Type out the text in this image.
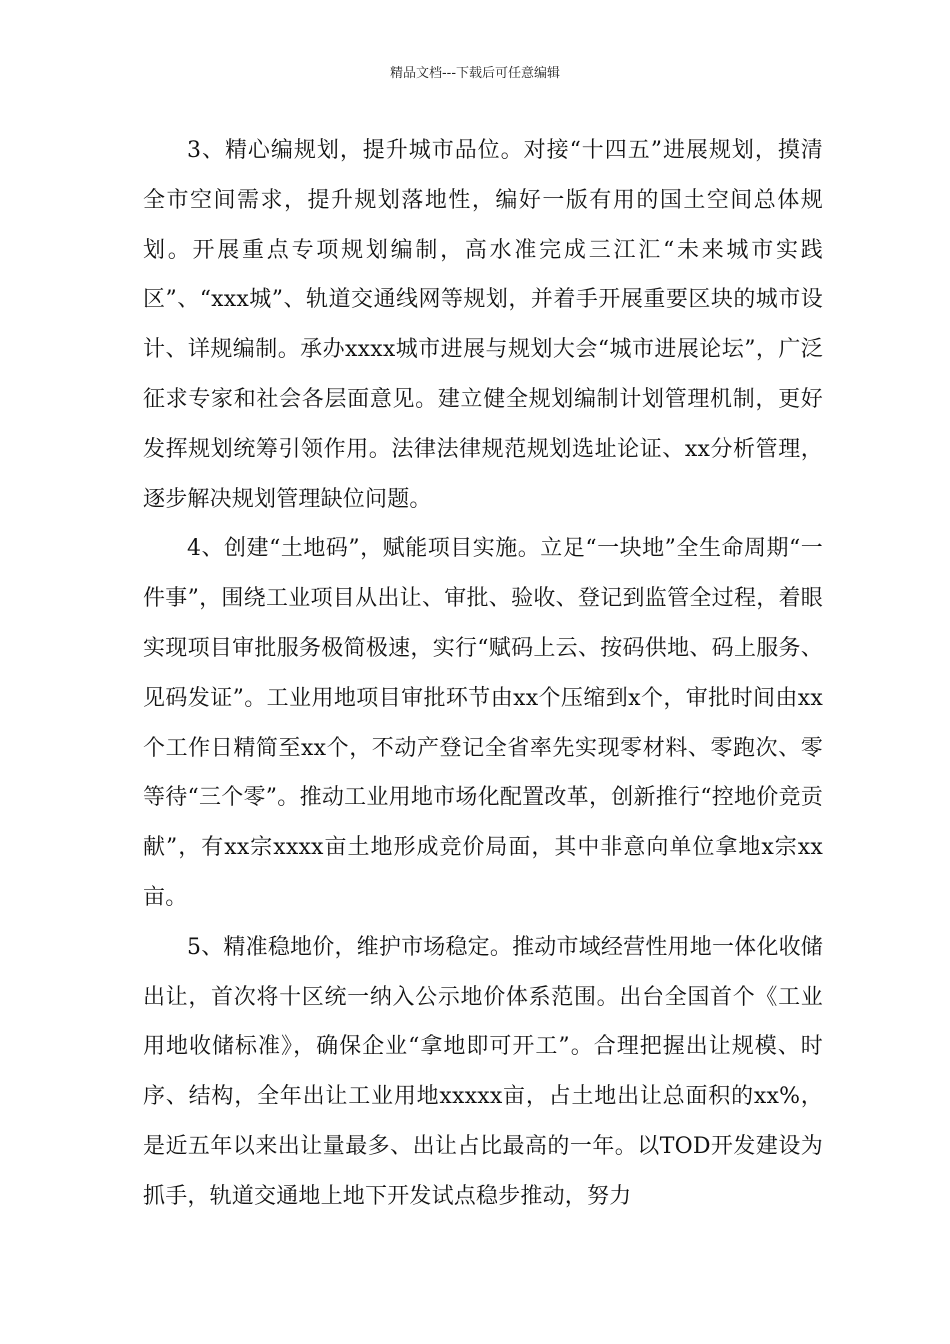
精品文档---下载后可任意编辑

3、精心编规划，提升城市品位。对接“十四五”进展规划，摸清全市空间需求，提升规划落地性，编好一版有用的国土空间总体规划。开展重点专项规划编制，高水准完成三江汇“未来城市实践区”、“xxx城”、轨道交通线网等规划，并着手开展重要区块的城市设计、详规编制。承办xxxx城市进展与规划大会“城市进展论坛”，广泛征求专家和社会各层面意见。建立健全规划编制计划管理机制，更好发挥规划统筹引领作用。法律法律规范规划选址论证、xx分析管理，逐步解决规划管理缺位问题。

4、创建“土地码”，赋能项目实施。立足“一块地”全生命周期“一件事”，围绕工业项目从出让、审批、验收、登记到监管全过程，着眼实现项目审批服务极简极速，实行“赋码上云、按码供地、码上服务、见码发证”。工业用地项目审批环节由xx个压缩到x个，审批时间由xx个工作日精简至xx个，不动产登记全省率先实现零材料、零跑次、零等待“三个零”。推动工业用地市场化配置改革，创新推行“控地价竞贡献”，有xx宗xxxx亩土地形成竞价局面，其中非意向单位拿地x宗xx亩。

5、精准稳地价，维护市场稳定。推动市域经营性用地一体化收储出让，首次将十区统一纳入公示地价体系范围。出台全国首个《工业用地收储标准》，确保企业“拿地即可开工”。合理把握出让规模、时序、结构，全年出让工业用地xxxxx亩，占土地出让总面积的xx%，是近五年以来出让量最多、出让占比最高的一年。以TOD开发建设为抓手，轨道交通地上地下开发试点稳步推动，努力
